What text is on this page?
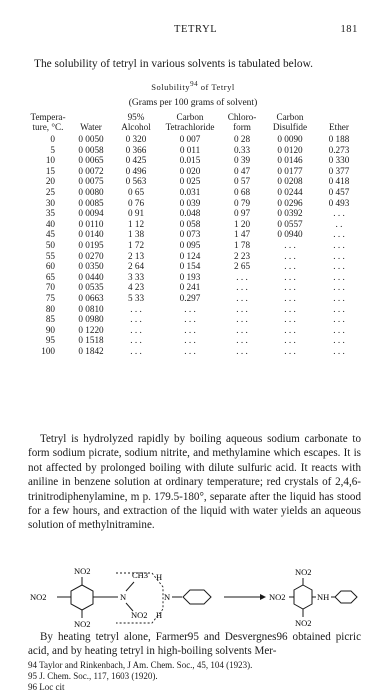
TETRYL	181
The solubility of tetryl in various solvents is tabulated below.
Solubility$^{94}$ of Tetryl
(Grams per 100 grams of solvent)
Tempera-		95%	Carbon	Chloro-	Carbon	
ture, °C.	Water	Alcohol	Tetrachloride	form	Disulfide	Ether
0	0 0050	0 320	0 007	0 28	0 0090	0 188
5	0 0058	0 366	0 011	0.33	0 0120	0.273
10	0 0065	0 425	0.015	0 39	0 0146	0 330
15	0 0072	0 496	0 020	0 47	0 0177	0 377
20	0 0075	0 563	0 025	0 57	0 0208	0 418
25	0 0080	0 65	0.031	0 68	0 0244	0 457
30	0 0085	0 76	0 039	0 79	0 0296	0 493
35	0 0094	0 91	0.048	0 97	0 0392	. . .
40	0 0110	1 12	0 058	1 20	0 0557	. .
45	0 0140	1 38	0 073	1 47	0 0940	. . .
50	0 0195	1 72	0 095	1 78	. . .	. . .
55	0 0270	2 13	0 124	2 23	. . .	. . .
60	0 0350	2 64	0 154	2 65	. . .	. . .
65	0 0440	3 33	0 193	. . .	. . .	. . .
70	0 0535	4 23	0 241	. . .	. . .	. . .
75	0 0663	5 33	0.297	. . .	. . .	. . .
80	0 0810	. . .	. . .	. . .	. . .	. . .
85	0 0980	. . .	. . .	. . .	. . .	. . .
90	0 1220	. . .	. . .	. . .	. . .	. . .
95	0 1518	. . .	. . .	. . .	. . .	. . .
100	0 1842	. . .	. . .	. . .	. . .	. . .

Tetryl is hydrolyzed rapidly by boiling aqueous sodium carbonate to form sodium picrate, sodium nitrite, and methylamine which escapes. It is not affected by prolonged boiling with dilute sulfuric acid. It reacts with aniline in benzene solution at ordinary temperature; red crystals of 2,4,6-trinitrodiphenylamine, m p. 179.5-180°, separate after the liquid has stood for a few hours, and extraction of the liquid with water yields an aqueous solution of methylnitramine.

NO2
NO2
NO2
N
CH3
NO2
H
H
N	NO2
NO2
NO2
NH

By heating tetryl alone, Farmer95 and Desvergnes96 obtained picric acid, and by heating tetryl in high-boiling solvents Mer-

94 Taylor and Rinkenbach, J Am. Chem. Soc., 45, 104 (1923).
95 J. Chem. Soc., 117, 1603 (1920).
96 Loc cit
